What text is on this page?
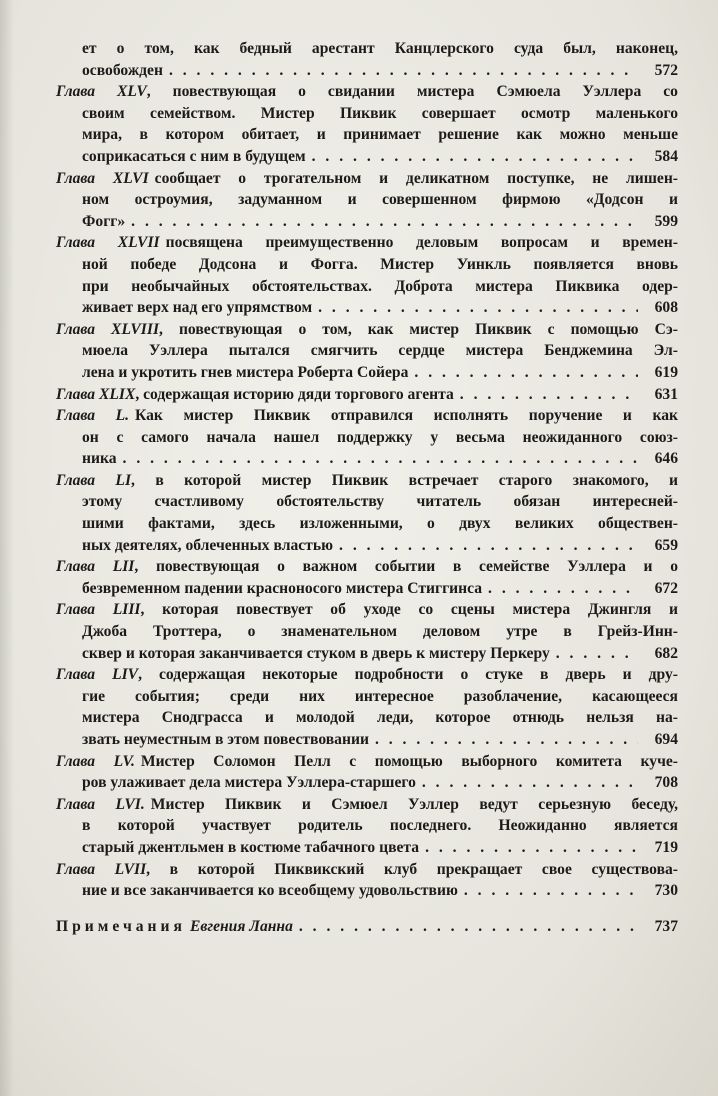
ет о том, как бедный арестант Канцлерского суда был, наконец,
освобожден . . .	572
Глава XLV, повествующая о свидании мистера Сэмюела Уэллера со
своим семейством. Мистер Пиквик совершает осмотр маленького
мира, в котором обитает, и принимает решение как можно меньше
соприкасаться с ним в будущем . . .	584
Глава XLVI сообщает о трогательном и деликатном поступке, не лишен-
ном остроумия, задуманном и совершенном фирмою «Додсон и
Фогг» . . .	599
Глава XLVII посвящена преимущественно деловым вопросам и времен-
ной победе Додсона и Фогга. Мистер Уинкль появляется вновь
при необычайных обстоятельствах. Доброта мистера Пиквика одер-
живает верх над его упрямством . . .	608
Глава XLVIII, повествующая о том, как мистер Пиквик с помощью Сэ-
мюела Уэллера пытался смягчить сердце мистера Бенджемина Эл-
лена и укротить гнев мистера Роберта Сойера . . .	619
Глава XLIX, содержащая историю дяди торгового агента . . .	631
Глава L. Как мистер Пиквик отправился исполнять поручение и как
он с самого начала нашел поддержку у весьма неожиданного союз-
ника . . .	646
Глава LI, в которой мистер Пиквик встречает старого знакомого, и
этому счастливому обстоятельству читатель обязан интересней-
шими фактами, здесь изложенными, о двух великих обществен-
ных деятелях, облеченных властью . . .	659
Глава LII, повествующая о важном событии в семействе Уэллера и о
безвременном падении красноносого мистера Стиггинса . . .	672
Глава LIII, которая повествует об уходе со сцены мистера Джингля и
Джоба Троттера, о знаменательном деловом утре в Грейз-Инн-
сквер и которая заканчивается стуком в дверь к мистеру Перкеру . . .	682
Глава LIV, содержащая некоторые подробности о стуке в дверь и дру-
гие события; среди них интересное разоблачение, касающееся
мистера Снодграсса и молодой леди, которое отнюдь нельзя на-
звать неуместным в этом повествовании . . .	694
Глава LV. Мистер Соломон Пелл с помощью выборного комитета куче-
ров улаживает дела мистера Уэллера-старшего . . .	708
Глава LVI. Мистер Пиквик и Сэмюел Уэллер ведут серьезную беседу,
в которой участвует родитель последнего. Неожиданно является
старый джентльмен в костюме табачного цвета . . .	719
Глава LVII, в которой Пиквикский клуб прекращает свое существова-
ние и все заканчивается ко всеобщему удовольствию . . .	730
Примечания Евгения Ланна . . .	737
